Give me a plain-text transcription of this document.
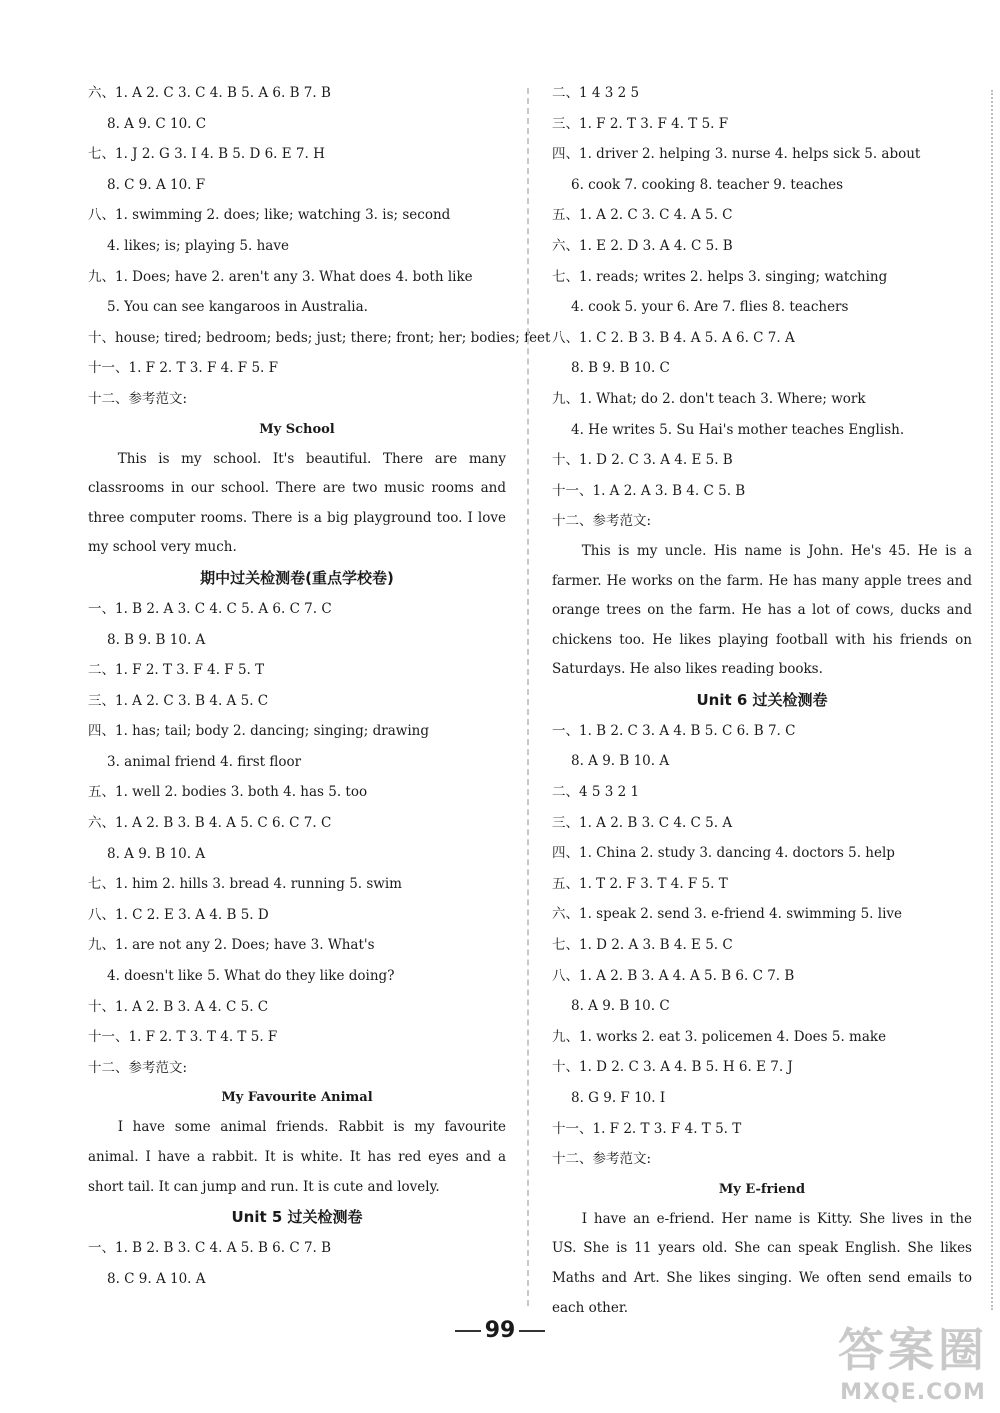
六、1. A 2. C 3. C 4. B 5. A 6. B 7. B
8. A 9. C 10. C
七、1. J 2. G 3. I 4. B 5. D 6. E 7. H
8. C 9. A 10. F
八、1. swimming 2. does; like; watching 3. is; second
4. likes; is; playing 5. have
九、1. Does; have 2. aren't any 3. What does 4. both like
5. You can see kangaroos in Australia.
十、house; tired; bedroom; beds; just; there; front; her; bodies; feet
十一、1. F 2. T 3. F 4. F 5. F
十二、参考范文:
My School

This is my school. It's beautiful. There are many classrooms in our school. There are two music rooms and three computer rooms. There is a big playground too. I love my school very much.

期中过关检测卷(重点学校卷)
一、1. B 2. A 3. C 4. C 5. A 6. C 7. C
8. B 9. B 10. A
二、1. F 2. T 3. F 4. F 5. T
三、1. A 2. C 3. B 4. A 5. C
四、1. has; tail; body 2. dancing; singing; drawing
3. animal friend 4. first floor
五、1. well 2. bodies 3. both 4. has 5. too
六、1. A 2. B 3. B 4. A 5. C 6. C 7. C
8. A 9. B 10. A
七、1. him 2. hills 3. bread 4. running 5. swim
八、1. C 2. E 3. A 4. B 5. D
九、1. are not any 2. Does; have 3. What's
4. doesn't like 5. What do they like doing?
十、1. A 2. B 3. A 4. C 5. C
十一、1. F 2. T 3. T 4. T 5. F
十二、参考范文:
My Favourite Animal

I have some animal friends. Rabbit is my favourite animal. I have a rabbit. It is white. It has red eyes and a short tail. It can jump and run. It is cute and lovely.

Unit 5 过关检测卷
一、1. B 2. B 3. C 4. A 5. B 6. C 7. B
8. C 9. A 10. A
二、1 4 3 2 5
三、1. F 2. T 3. F 4. T 5. F
四、1. driver 2. helping 3. nurse 4. helps sick 5. about
6. cook 7. cooking 8. teacher 9. teaches
五、1. A 2. C 3. C 4. A 5. C
六、1. E 2. D 3. A 4. C 5. B
七、1. reads; writes 2. helps 3. singing; watching
4. cook 5. your 6. Are 7. flies 8. teachers
八、1. C 2. B 3. B 4. A 5. A 6. C 7. A
8. B 9. B 10. C
九、1. What; do 2. don't teach 3. Where; work
4. He writes 5. Su Hai's mother teaches English.
十、1. D 2. C 3. A 4. E 5. B
十一、1. A 2. A 3. B 4. C 5. B
十二、参考范文:

This is my uncle. His name is John. He's 45. He is a farmer. He works on the farm. He has many apple trees and orange trees on the farm. He has a lot of cows, ducks and chickens too. He likes playing football with his friends on Saturdays. He also likes reading books.

Unit 6 过关检测卷
一、1. B 2. C 3. A 4. B 5. C 6. B 7. C
8. A 9. B 10. A
二、4 5 3 2 1
三、1. A 2. B 3. C 4. C 5. A
四、1. China 2. study 3. dancing 4. doctors 5. help
五、1. T 2. F 3. T 4. F 5. T
六、1. speak 2. send 3. e-friend 4. swimming 5. live
七、1. D 2. A 3. B 4. E 5. C
八、1. A 2. B 3. A 4. A 5. B 6. C 7. B
8. A 9. B 10. C
九、1. works 2. eat 3. policemen 4. Does 5. make
十、1. D 2. C 3. A 4. B 5. H 6. E 7. J
8. G 9. F 10. I
十一、1. F 2. T 3. F 4. T 5. T
十二、参考范文:
My E-friend

I have an e-friend. Her name is Kitty. She lives in the US. She is 11 years old. She can speak English. She likes Maths and Art. She likes singing. We often send emails to each other.

99	答案圈
MXQE.COM
